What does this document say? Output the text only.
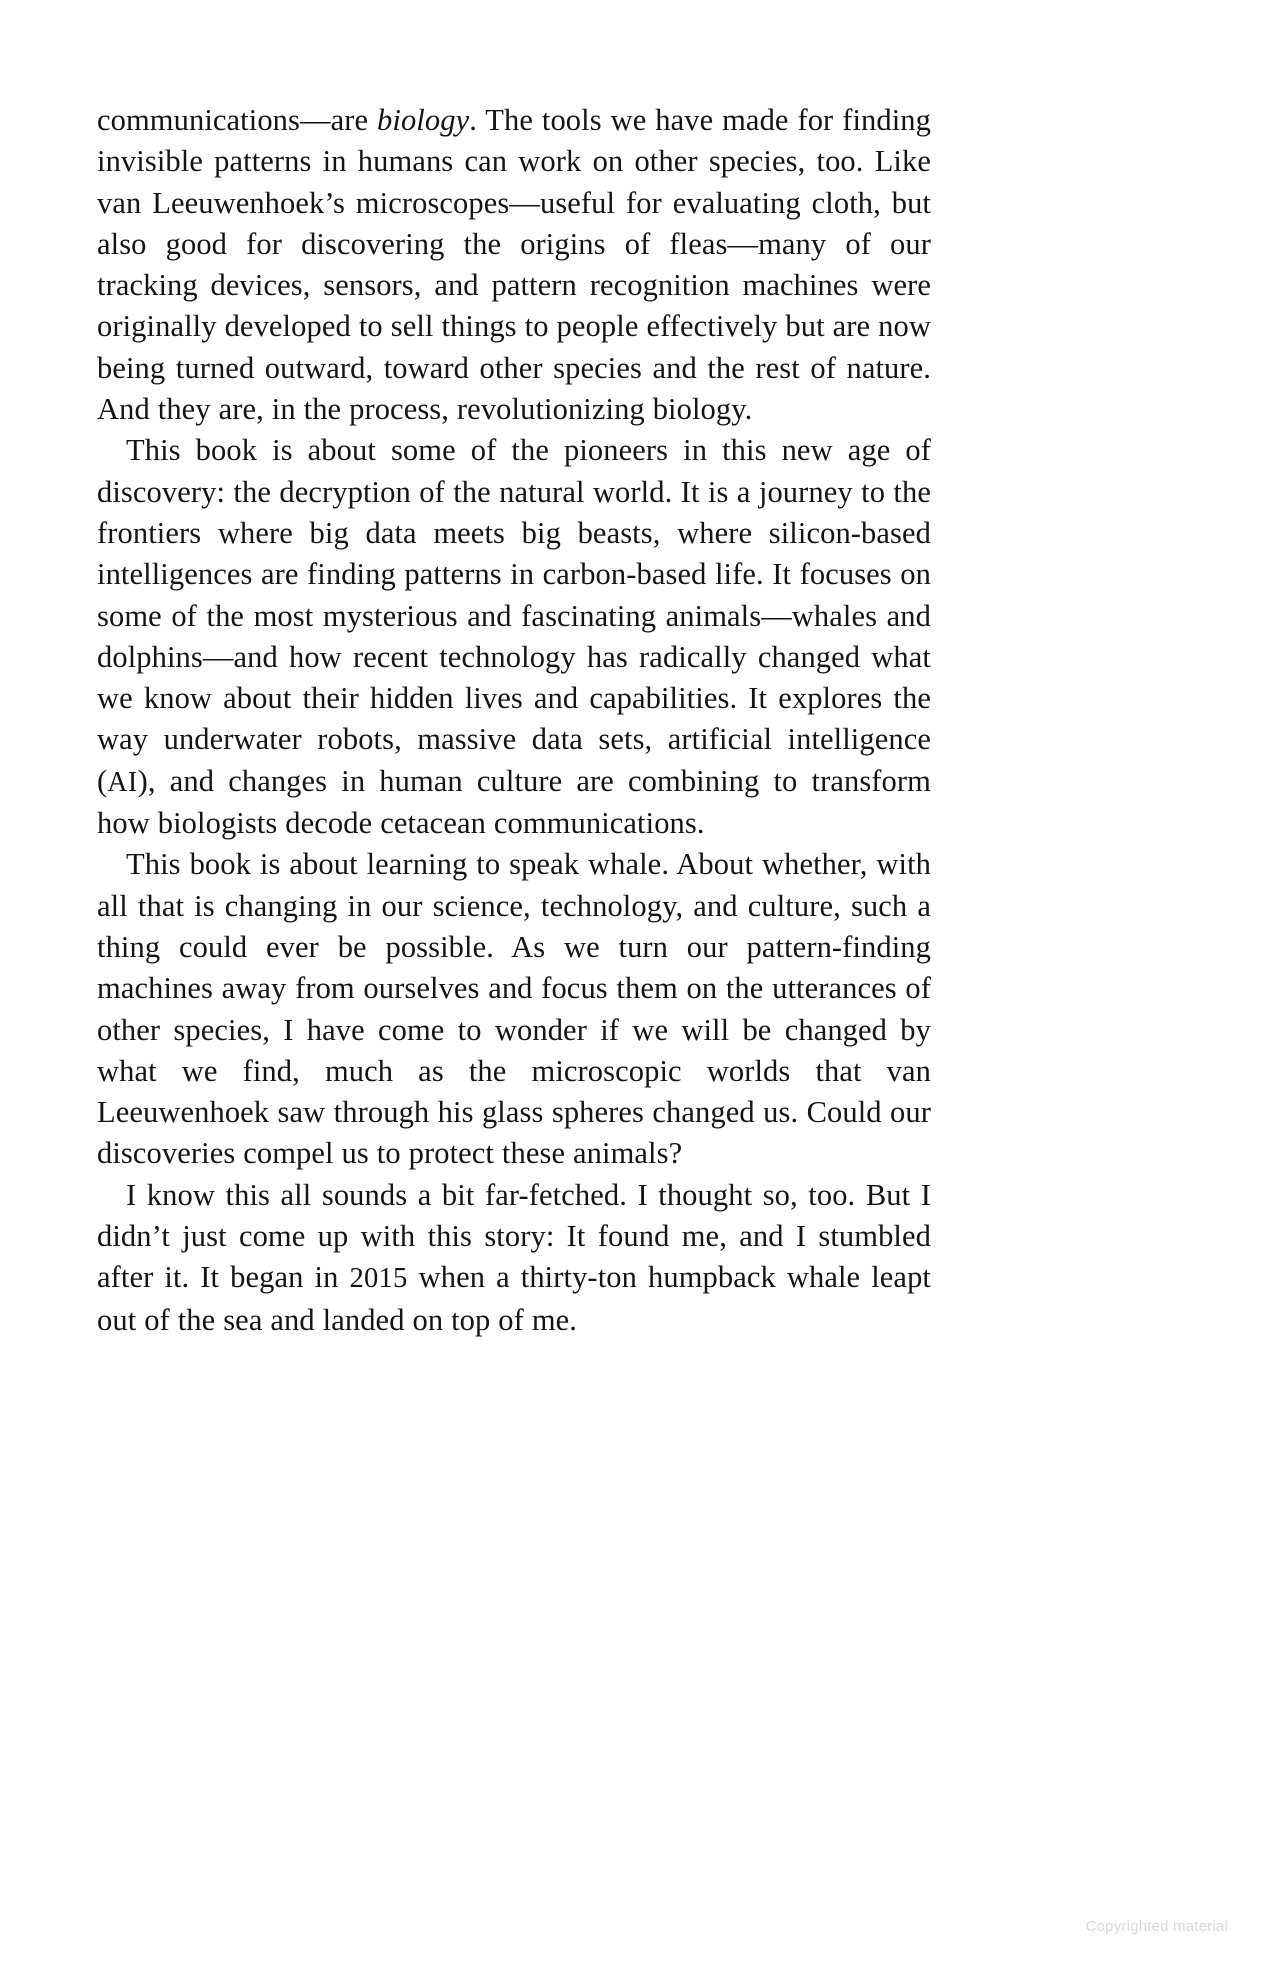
communications—are biology. The tools we have made for finding invisible patterns in humans can work on other species, too. Like van Leeuwenhoek’s microscopes—useful for evaluating cloth, but also good for discovering the origins of fleas—many of our tracking devices, sensors, and pattern recognition machines were originally developed to sell things to people effectively but are now being turned outward, toward other species and the rest of nature. And they are, in the process, revolutionizing biology.

This book is about some of the pioneers in this new age of discovery: the decryption of the natural world. It is a journey to the frontiers where big data meets big beasts, where silicon-based intelligences are finding patterns in carbon-based life. It focuses on some of the most mysterious and fascinating animals—whales and dolphins—and how recent technology has radically changed what we know about their hidden lives and capabilities. It explores the way underwater robots, massive data sets, artificial intelligence (AI), and changes in human culture are combining to transform how biologists decode cetacean communications.

This book is about learning to speak whale. About whether, with all that is changing in our science, technology, and culture, such a thing could ever be possible. As we turn our pattern-finding machines away from ourselves and focus them on the utterances of other species, I have come to wonder if we will be changed by what we find, much as the microscopic worlds that van Leeuwenhoek saw through his glass spheres changed us. Could our discoveries compel us to protect these animals?

I know this all sounds a bit far-fetched. I thought so, too. But I didn’t just come up with this story: It found me, and I stumbled after it. It began in 2015 when a thirty-ton humpback whale leapt out of the sea and landed on top of me.

Copyrighted material
